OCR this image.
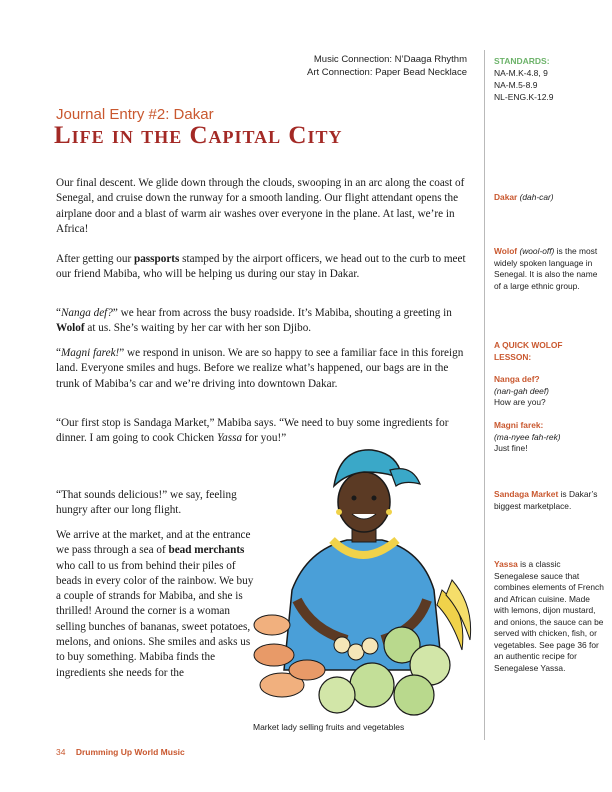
Music Connection: N’Daaga Rhythm
Art Connection: Paper Bead Necklace
STANDARDS:
NA-M.K-4.8, 9
NA-M.5-8.9
NL-ENG.K-12.9
Journal Entry #2: Dakar
Life in the Capital City

Our final descent. We glide down through the clouds, swooping in an arc along the coast of Senegal, and cruise down the runway for a smooth landing. Our flight attendant opens the airplane door and a blast of warm air washes over everyone in the plane. At last, we’re in Africa!

After getting our passports stamped by the airport officers, we head out to the curb to meet our friend Mabiba, who will be helping us during our stay in Dakar.

“Nanga def?” we hear from across the busy roadside. It’s Mabiba, shouting a greeting in Wolof at us. She’s waiting by her car with her son Djibo.

“Magni farek!” we respond in unison. We are so happy to see a familiar face in this foreign land. Everyone smiles and hugs. Before we realize what’s happened, our bags are in the trunk of Mabiba’s car and we’re driving into downtown Dakar.

“Our first stop is Sandaga Market,” Mabiba says. “We need to buy some ingredients for dinner. I am going to cook Chicken Yassa for you!”

“That sounds delicious!” we say, feeling hungry after our long flight.

We arrive at the market, and at the entrance we pass through a sea of bead merchants who call to us from behind their piles of beads in every color of the rainbow. We buy a couple of strands for Mabiba, and she is thrilled! Around the corner is a woman selling bunches of bananas, sweet potatoes, melons, and onions. She smiles and asks us to buy something. Mabiba finds the ingredients she needs for the

Dakar (dah-car)
Wolof (wool-off) is the most widely spoken language in Senegal. It is also the name of a large ethnic group.
A QUICK WOLOF LESSON:
Nanga def?
(nan-gah deef)
How are you?
Magni farek:
(ma-nyee fah-rek)
Just fine!
Sandaga Market is Dakar’s biggest marketplace.
Yassa is a classic Senegalese sauce that combines elements of French and African cuisine. Made with lemons, dijon mustard, and onions, the sauce can be served with chicken, fish, or vegetables. See page 36 for an authentic recipe for Senegalese Yassa.
Market lady selling fruits and vegetables
34 Drumming Up World Music
